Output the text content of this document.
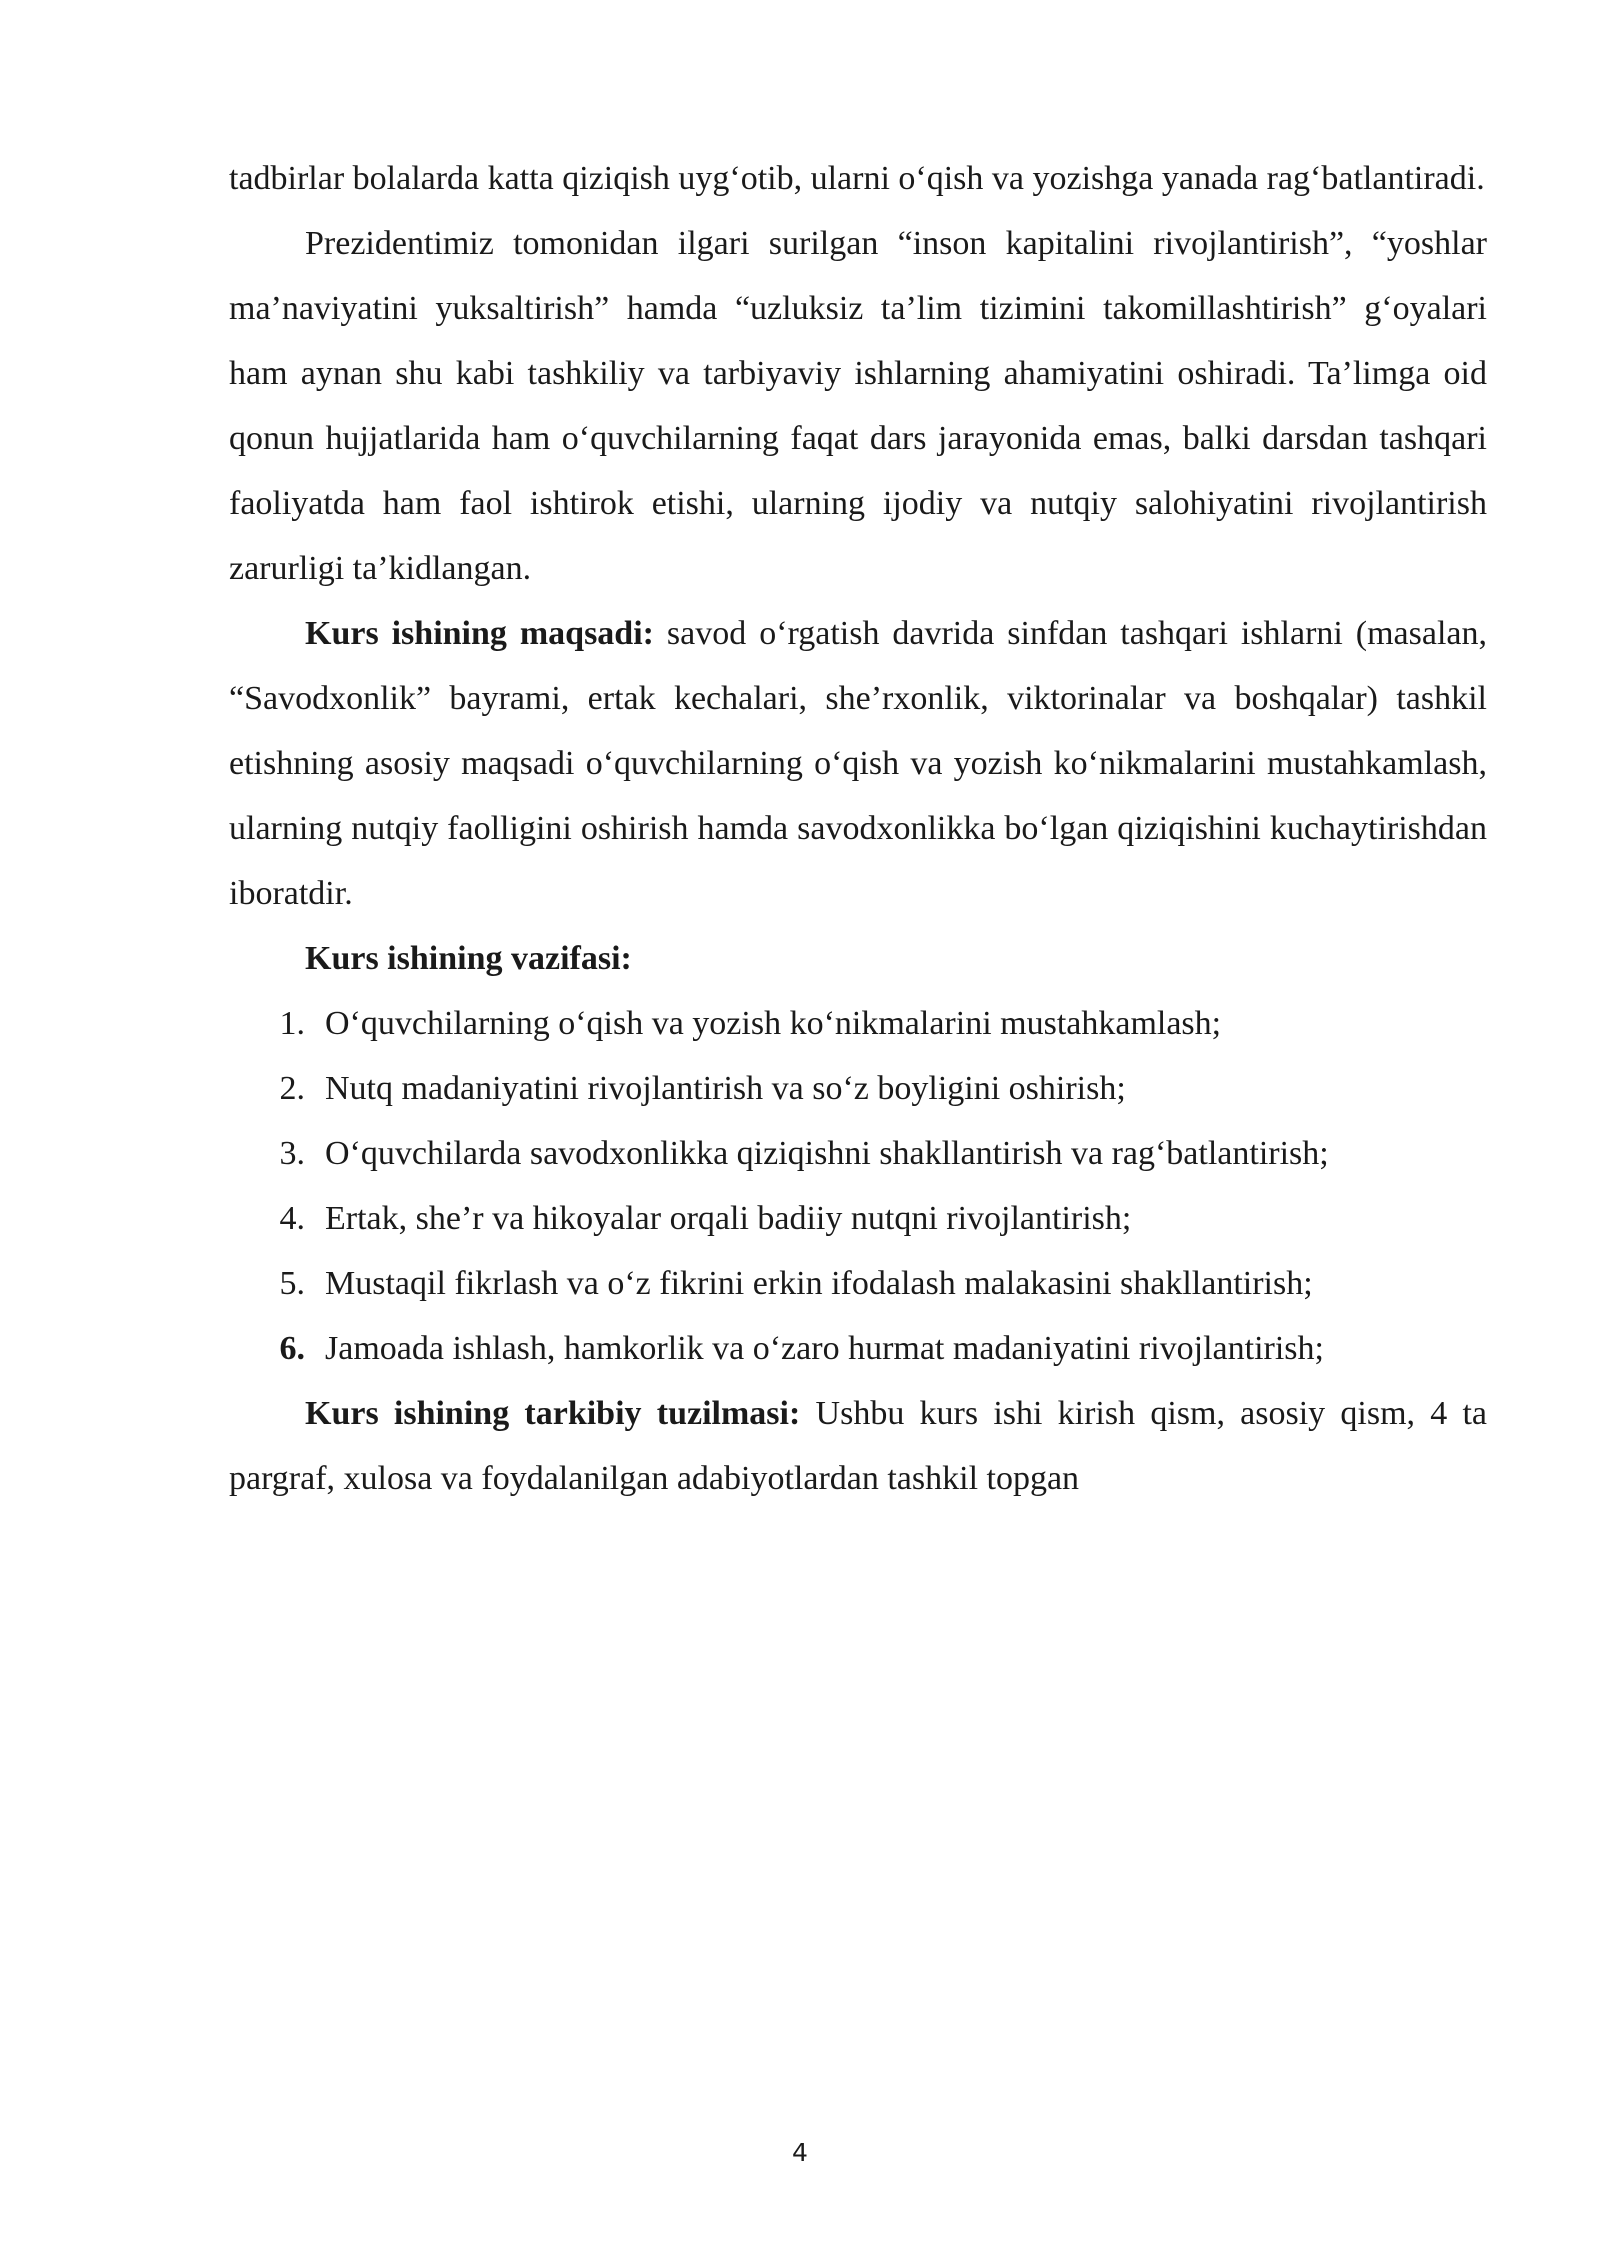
tadbirlar bolalarda katta qiziqish uyg‘otib, ularni o‘qish va yozishga yanada rag‘batlantiradi.

Prezidentimiz tomonidan ilgari surilgan “inson kapitalini rivojlantirish”, “yoshlar ma’naviyatini yuksaltirish” hamda “uzluksiz ta’lim tizimini takomillashtirish” g‘oyalari ham aynan shu kabi tashkiliy va tarbiyaviy ishlarning ahamiyatini oshiradi. Ta’limga oid qonun hujjatlarida ham o‘quvchilarning faqat dars jarayonida emas, balki darsdan tashqari faoliyatda ham faol ishtirok etishi, ularning ijodiy va nutqiy salohiyatini rivojlantirish zarurligi ta’kidlangan.

Kurs ishining maqsadi: savod o‘rgatish davrida sinfdan tashqari ishlarni (masalan, “Savodxonlik” bayrami, ertak kechalari, she’rxonlik, viktorinalar va boshqalar) tashkil etishning asosiy maqsadi o‘quvchilarning o‘qish va yozish ko‘nikmalarini mustahkamlash, ularning nutqiy faolligini oshirish hamda savodxonlikka bo‘lgan qiziqishini kuchaytirishdan iboratdir.

Kurs ishining vazifasi:

1. O‘quvchilarning o‘qish va yozish ko‘nikmalarini mustahkamlash;
2. Nutq madaniyatini rivojlantirish va so‘z boyligini oshirish;
3. O‘quvchilarda savodxonlikka qiziqishni shakllantirish va rag‘batlantirish;
4. Ertak, she’r va hikoyalar orqali badiiy nutqni rivojlantirish;
5. Mustaqil fikrlash va o‘z fikrini erkin ifodalash malakasini shakllantirish;
6. Jamoada ishlash, hamkorlik va o‘zaro hurmat madaniyatini rivojlantirish;

Kurs ishining tarkibiy tuzilmasi: Ushbu kurs ishi kirish qism, asosiy qism, 4 ta pargraf, xulosa va foydalanilgan adabiyotlardan tashkil topgan

4
